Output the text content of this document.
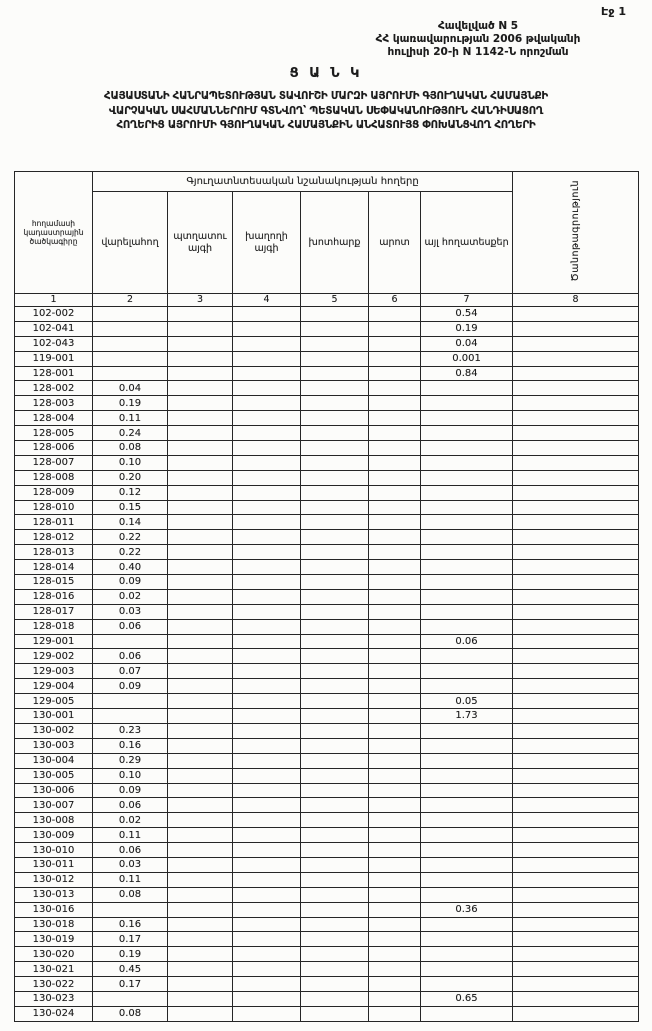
Էջ 1
Հավելված N 5
ՀՀ կառավարության 2006 թվականի
հուլիսի 20-ի N 1142-Ն որոշման
Ց Ա Ն Կ
ՀԱՅԱՍՏԱՆԻ ՀԱՆՐԱՊԵՏՈՒԹՅԱՆ ՏԱՎՈՒՇԻ ՄԱՐԶԻ ԱՅՐՈՒՄԻ ԳՅՈՒՂԱԿԱՆ ՀԱՄԱՅՆՔԻ
ՎԱՐՉԱԿԱՆ ՍԱՀՄԱՆՆԵՐՈՒՄ ԳՏՆՎՈՂ՝ ՊԵՏԱԿԱՆ ՍԵՓԱԿԱՆՈՒԹՅՈՒՆ ՀԱՆԴԻՍԱՑՈՂ
ՀՈՂԵՐԻՑ ԱՅՐՈՒՄԻ ԳՅՈՒՂԱԿԱՆ ՀԱՄԱՅՆՔԻՆ ԱՆՀԱՏՈՒՅՑ ՓՈԽԱՆՑՎՈՂ ՀՈՂԵՐԻ
հողամասի կադաստրային ծածկագիրը	Գյուղատնտեսական նշանակության հողերը						Ծանոթագրություն
	վարելահող	պտղատու այգի	խաղողի այգի	խոտհարք	արոտ	այլ հողատեսքեր	
1	2	3	4	5	6	7	8
102-002						0.54	
102-041						0.19	
102-043						0.04	
119-001						0.001	
128-001						0.84	
128-002	0.04						
128-003	0.19						
128-004	0.11						
128-005	0.24						
128-006	0.08						
128-007	0.10						
128-008	0.20						
128-009	0.12						
128-010	0.15						
128-011	0.14						
128-012	0.22						
128-013	0.22						
128-014	0.40						
128-015	0.09						
128-016	0.02						
128-017	0.03						
128-018	0.06						
129-001						0.06	
129-002	0.06						
129-003	0.07						
129-004	0.09						
129-005						0.05	
130-001						1.73	
130-002	0.23						
130-003	0.16						
130-004	0.29						
130-005	0.10						
130-006	0.09						
130-007	0.06						
130-008	0.02						
130-009	0.11						
130-010	0.06						
130-011	0.03						
130-012	0.11						
130-013	0.08						
130-016						0.36	
130-018	0.16						
130-019	0.17						
130-020	0.19						
130-021	0.45						
130-022	0.17						
130-023						0.65	
130-024	0.08						
